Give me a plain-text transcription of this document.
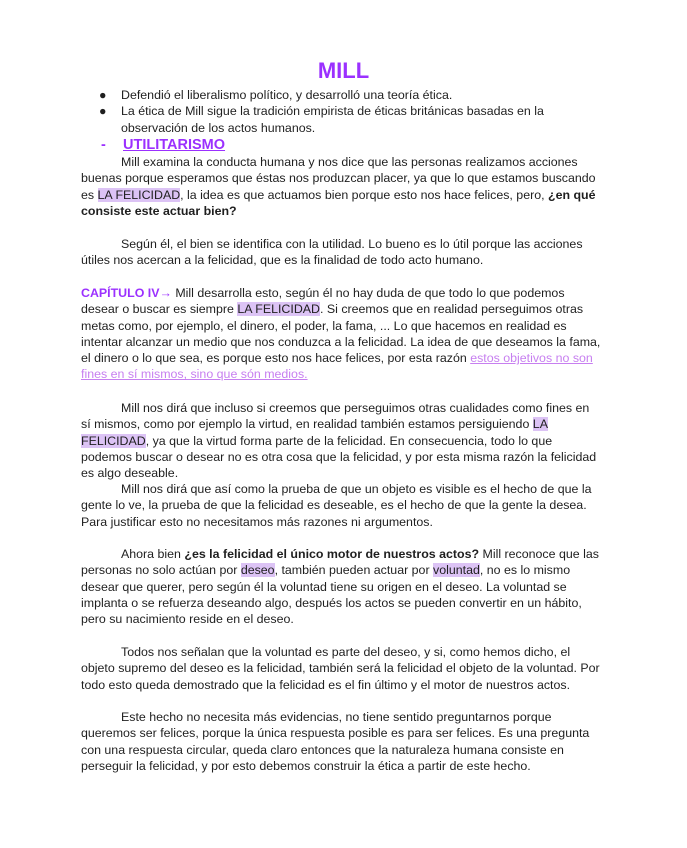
MILL
● Defendió el liberalismo político, y desarrolló una teoría ética.
● La ética de Mill sigue la tradición empirista de éticas británicas basadas en la observación de los actos humanos.
- UTILITARISMO

Mill examina la conducta humana y nos dice que las personas realizamos acciones buenas porque esperamos que éstas nos produzcan placer, ya que lo que estamos buscando es LA FELICIDAD, la idea es que actuamos bien porque esto nos hace felices, pero, ¿en qué consiste este actuar bien?

Según él, el bien se identifica con la utilidad. Lo bueno es lo útil porque las acciones útiles nos acercan a la felicidad, que es la finalidad de todo acto humano.

CAPÍTULO IV→ Mill desarrolla esto, según él no hay duda de que todo lo que podemos desear o buscar es siempre LA FELICIDAD. Si creemos que en realidad perseguimos otras metas como, por ejemplo, el dinero, el poder, la fama, ... Lo que hacemos en realidad es intentar alcanzar un medio que nos conduzca a la felicidad. La idea de que deseamos la fama, el dinero o lo que sea, es porque esto nos hace felices, por esta razón estos objetivos no son fines en sí mismos, sino que són medios.

Mill nos dirá que incluso si creemos que perseguimos otras cualidades como fines en sí mismos, como por ejemplo la virtud, en realidad también estamos persiguiendo LA FELICIDAD, ya que la virtud forma parte de la felicidad. En consecuencia, todo lo que podemos buscar o desear no es otra cosa que la felicidad, y por esta misma razón la felicidad es algo deseable.

Mill nos dirá que así como la prueba de que un objeto es visible es el hecho de que la gente lo ve, la prueba de que la felicidad es deseable, es el hecho de que la gente la desea. Para justificar esto no necesitamos más razones ni argumentos.

Ahora bien ¿es la felicidad el único motor de nuestros actos? Mill reconoce que las personas no solo actúan por deseo, también pueden actuar por voluntad, no es lo mismo desear que querer, pero según él la voluntad tiene su origen en el deseo. La voluntad se implanta o se refuerza deseando algo, después los actos se pueden convertir en un hábito, pero su nacimiento reside en el deseo.

Todos nos señalan que la voluntad es parte del deseo, y si, como hemos dicho, el objeto supremo del deseo es la felicidad, también será la felicidad el objeto de la voluntad. Por todo esto queda demostrado que la felicidad es el fin último y el motor de nuestros actos.

Este hecho no necesita más evidencias, no tiene sentido preguntarnos porque queremos ser felices, porque la única respuesta posible es para ser felices. Es una pregunta con una respuesta circular, queda claro entonces que la naturaleza humana consiste en perseguir la felicidad, y por esto debemos construir la ética a partir de este hecho.
